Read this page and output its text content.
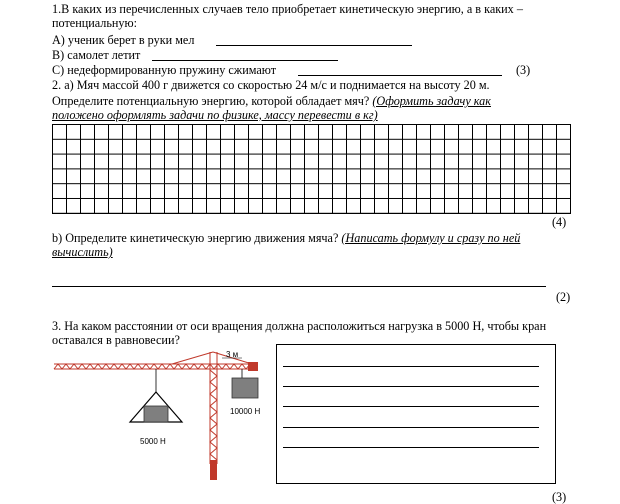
1.В каких из перечисленных случаев тело приобретает кинетическую энергию, а в каких –
потенциальную:
А) ученик берет в руки мел
В) самолет летит
С) недеформированную пружину сжимают	(3)
2. а) Мяч массой 400 г движется со скоростью 24 м/с и поднимается на высоту 20 м.
Определите потенциальную энергию, которой обладает мяч? (Оформить задачу как
положено оформлять задачи по физике, массу перевести в кг)
(4)
b) Определите кинетическую энергию движения мяча? (Написать формулу и сразу по ней
вычислить)
(2)
3. На каком расстоянии от оси вращения должна расположиться нагрузка в 5000 Н, чтобы кран
оставался в равновесии?
3 м
10000 Н
5000 Н
(3)
